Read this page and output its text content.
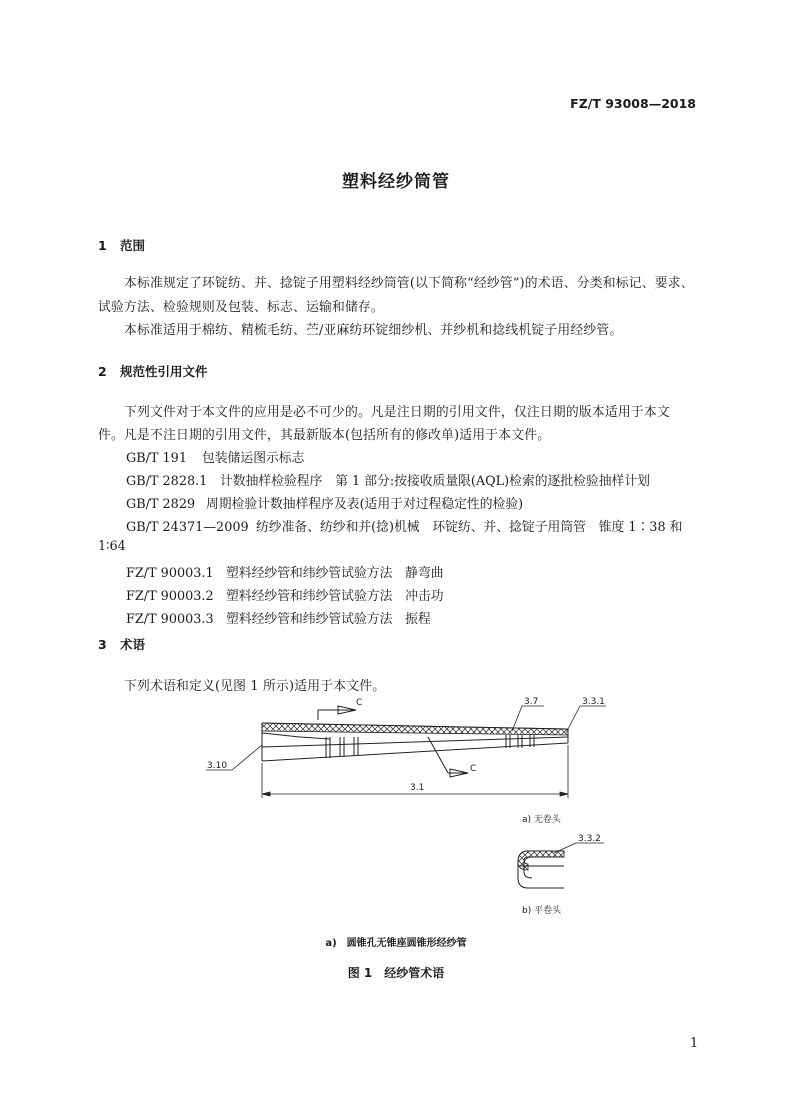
FZ/T 93008—2018
塑料经纱筒管
1 范围
本标准规定了环锭纺、并、捻锭子用塑料经纱筒管(以下简称“经纱管”)的术语、分类和标记、要求、
试验方法、检验规则及包装、标志、运输和储存。
本标准适用于棉纺、精梳毛纺、苎/亚麻纺环锭细纱机、并纱机和捻线机锭子用经纱管。
2 规范性引用文件
下列文件对于本文件的应用是必不可少的。凡是注日期的引用文件，仅注日期的版本适用于本文
件。凡是不注日期的引用文件，其最新版本(包括所有的修改单)适用于本文件。
GB/T 191 包装储运图示标志
GB/T 2828.1 计数抽样检验程序　第 1 部分:按接收质量限(AQL)检索的逐批检验抽样计划
GB/T 2829 周期检验计数抽样程序及表(适用于对过程稳定性的检验)
GB/T 24371—2009 纺纱准备、纺纱和并(捻)机械　环锭纺、并、捻锭子用筒管　锥度 1∶38 和
1∶64
FZ/T 90003.1 塑料经纱管和纬纱管试验方法　静弯曲
FZ/T 90003.2 塑料经纱管和纬纱管试验方法　冲击功
FZ/T 90003.3 塑料经纱管和纬纱管试验方法　振程
3 术语
下列术语和定义(见图 1 所示)适用于本文件。
C
C
3.7	3.3.1
3.10
3.1
3.3.2
a) 无卷头
b) 平卷头
a)　圆锥孔无锥座圆锥形经纱管
图 1　经纱管术语
1
